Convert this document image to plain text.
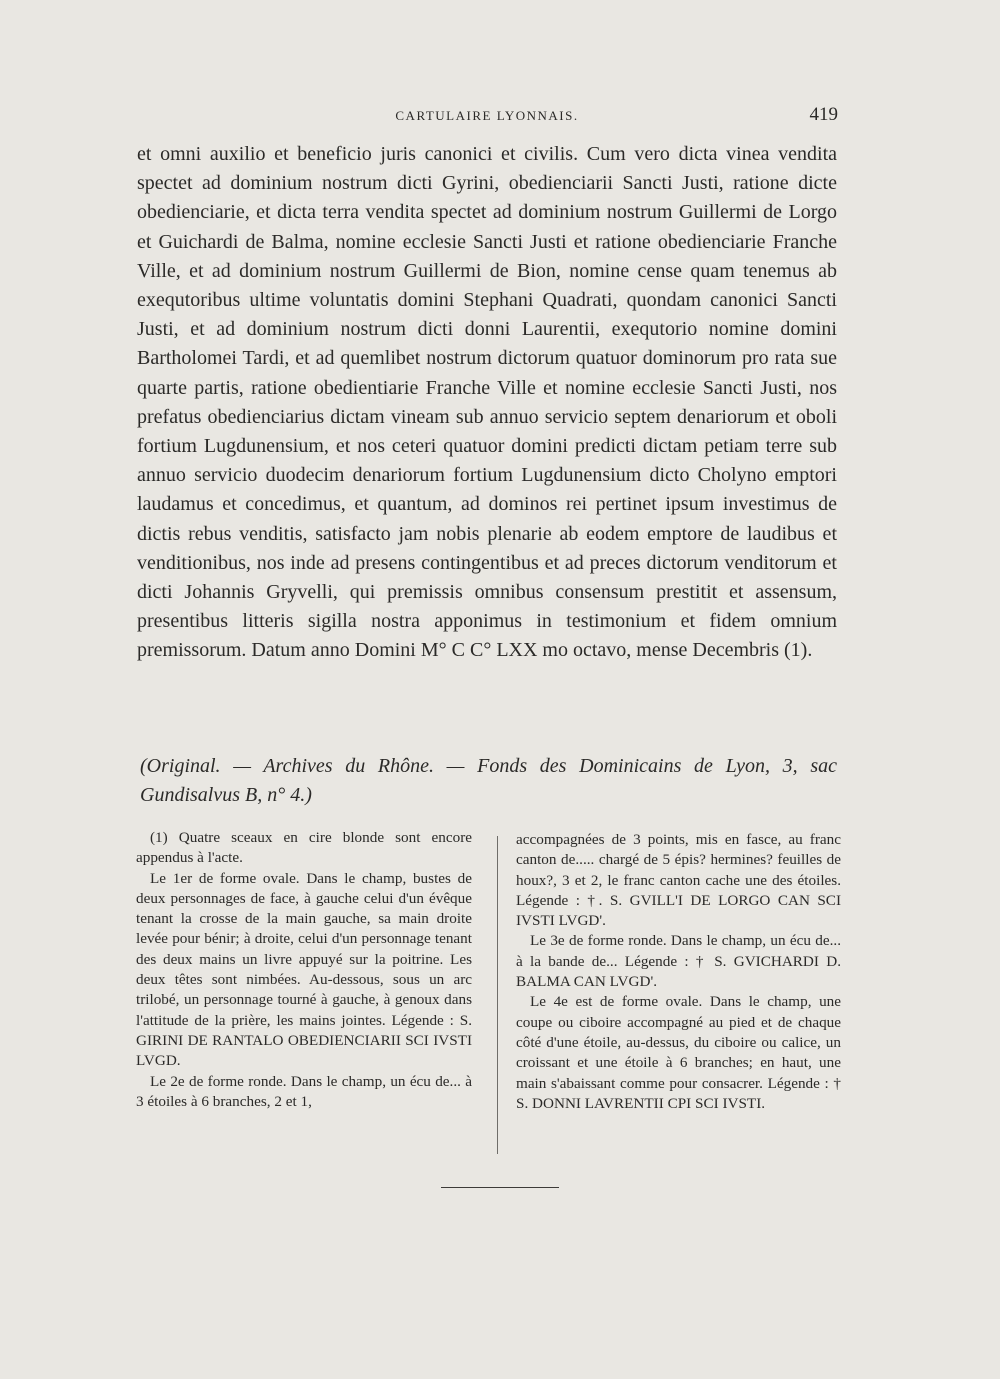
CARTULAIRE LYONNAIS.	419

et omni auxilio et beneficio juris canonici et civilis. Cum vero dicta vinea vendita spectet ad dominium nostrum dicti Gyrini, obedienciarii Sancti Justi, ratione dicte obedienciarie, et dicta terra vendita spectet ad dominium nostrum Guillermi de Lorgo et Guichardi de Balma, nomine ecclesie Sancti Justi et ratione obedienciarie Franche Ville, et ad dominium nostrum Guillermi de Bion, nomine cense quam tenemus ab exequtoribus ultime voluntatis domini Stephani Quadrati, quondam canonici Sancti Justi, et ad dominium nostrum dicti donni Laurentii, exequtorio nomine domini Bartholomei Tardi, et ad quemlibet nostrum dictorum quatuor dominorum pro rata sue quarte partis, ratione obedientiarie Franche Ville et nomine ecclesie Sancti Justi, nos prefatus obedienciarius dictam vineam sub annuo servicio septem denariorum et oboli fortium Lugdunensium, et nos ceteri quatuor domini predicti dictam petiam terre sub annuo servicio duodecim denariorum fortium Lugdunensium dicto Cholyno emptori laudamus et concedimus, et quantum, ad dominos rei pertinet ipsum investimus de dictis rebus venditis, satisfacto jam nobis plenarie ab eodem emptore de laudibus et venditionibus, nos inde ad presens contingentibus et ad preces dictorum venditorum et dicti Johannis Gryvelli, qui premissis omnibus consensum prestitit et assensum, presentibus litteris sigilla nostra apponimus in testimonium et fidem omnium premissorum. Datum anno Domini M° C C° LXX mo octavo, mense Decembris (1).

(Original. — Archives du Rhône. — Fonds des Dominicains de Lyon, 3, sac Gundisalvus B, n° 4.)

(1) Quatre sceaux en cire blonde sont encore appendus à l'acte.

Le 1er de forme ovale. Dans le champ, bustes de deux personnages de face, à gauche celui d'un évêque tenant la crosse de la main gauche, sa main droite levée pour bénir; à droite, celui d'un personnage tenant des deux mains un livre appuyé sur la poitrine. Les deux têtes sont nimbées. Au-dessous, sous un arc trilobé, un personnage tourné à gauche, à genoux dans l'attitude de la prière, les mains jointes. Légende : S. GIRINI DE RANTALO OBEDIENCIARII SCI IVSTI LVGD.

Le 2e de forme ronde. Dans le champ, un écu de... à 3 étoiles à 6 branches, 2 et 1,

accompagnées de 3 points, mis en fasce, au franc canton de..... chargé de 5 épis? hermines? feuilles de houx?, 3 et 2, le franc canton cache une des étoiles. Légende : †. S. GVILL'I DE LORGO CAN SCI IVSTI LVGD'.

Le 3e de forme ronde. Dans le champ, un écu de... à la bande de... Légende : † S. GVICHARDI D. BALMA CAN LVGD'.

Le 4e est de forme ovale. Dans le champ, une coupe ou ciboire accompagné au pied et de chaque côté d'une étoile, au-dessus, du ciboire ou calice, un croissant et une étoile à 6 branches; en haut, une main s'abaissant comme pour consacrer. Légende : † S. DONNI LAVRENTII CPI SCI IVSTI.
